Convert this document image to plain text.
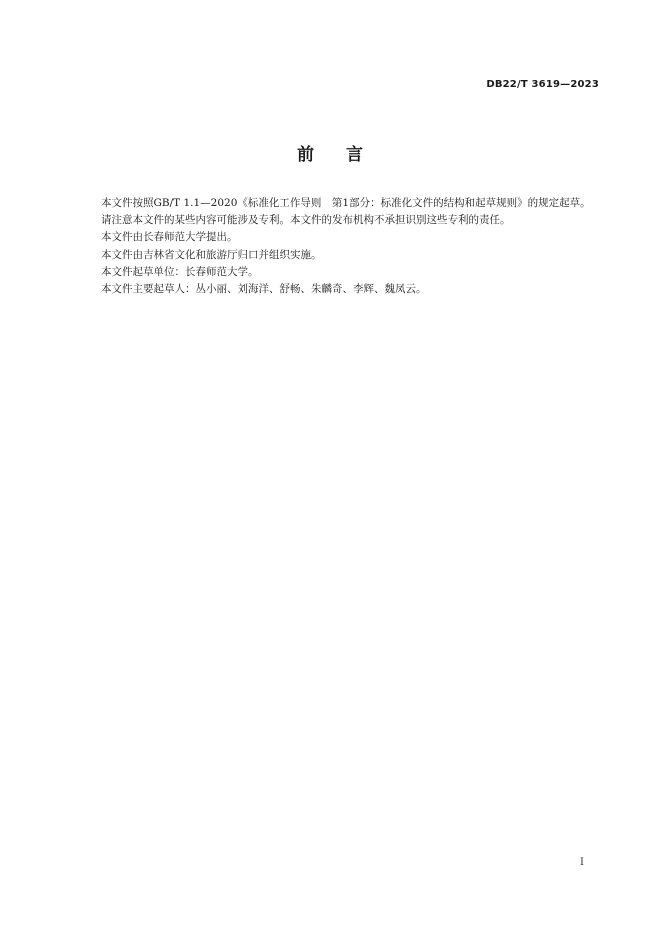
DB22/T 3619—2023
前 言

本文件按照GB/T 1.1—2020《标准化工作导则　第1部分：标准化文件的结构和起草规则》的规定起草。

请注意本文件的某些内容可能涉及专利。本文件的发布机构不承担识别这些专利的责任。

本文件由长春师范大学提出。

本文件由吉林省文化和旅游厅归口并组织实施。

本文件起草单位：长春师范大学。

本文件主要起草人：丛小丽、刘海洋、舒畅、朱麟奇、李辉、魏凤云。

I
